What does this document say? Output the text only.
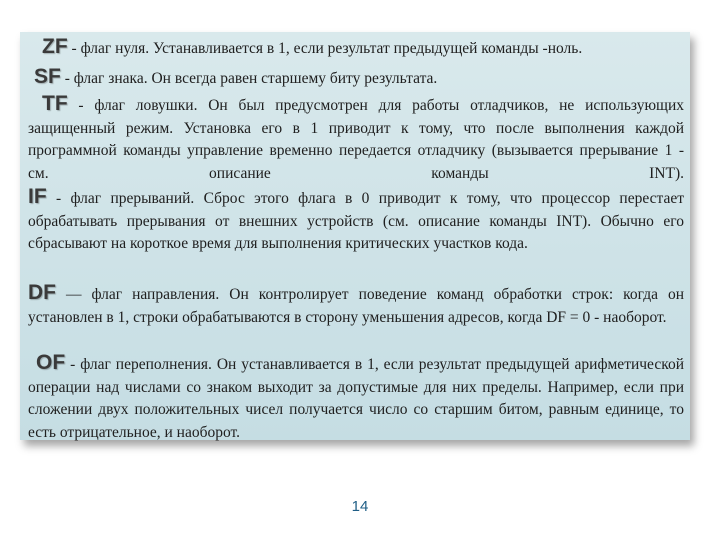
ZF - флаг нуля. Устанавливается в 1, если результат предыдущей команды -ноль.

SF - флаг знака. Он всегда равен старшему биту результата.

TF - флаг ловушки. Он был предусмотрен для работы отладчиков, не использующих защищенный режим. Установка его в 1 приводит к тому, что после выполнения каждой программной команды управление временно передается отладчику (вызывается прерывание 1 - см. описание команды INT).

IF - флаг прерываний. Сброс этого флага в 0 приводит к тому, что процессор перестает обрабатывать прерывания от внешних устройств (см. описание команды INT). Обычно его сбрасывают на короткое время для выполнения критических участков кода.

DF — флаг направления. Он контролирует поведение команд обработки строк: когда он установлен в 1, строки обрабатываются в сторону уменьшения адресов, когда DF = 0 - наоборот.

OF - флаг переполнения. Он устанавливается в 1, если результат предыдущей арифметической операции над числами со знаком выходит за допустимые для них пределы. Например, если при сложении двух положительных чисел получается число со старшим битом, равным единице, то есть отрицательное, и наоборот.

14
